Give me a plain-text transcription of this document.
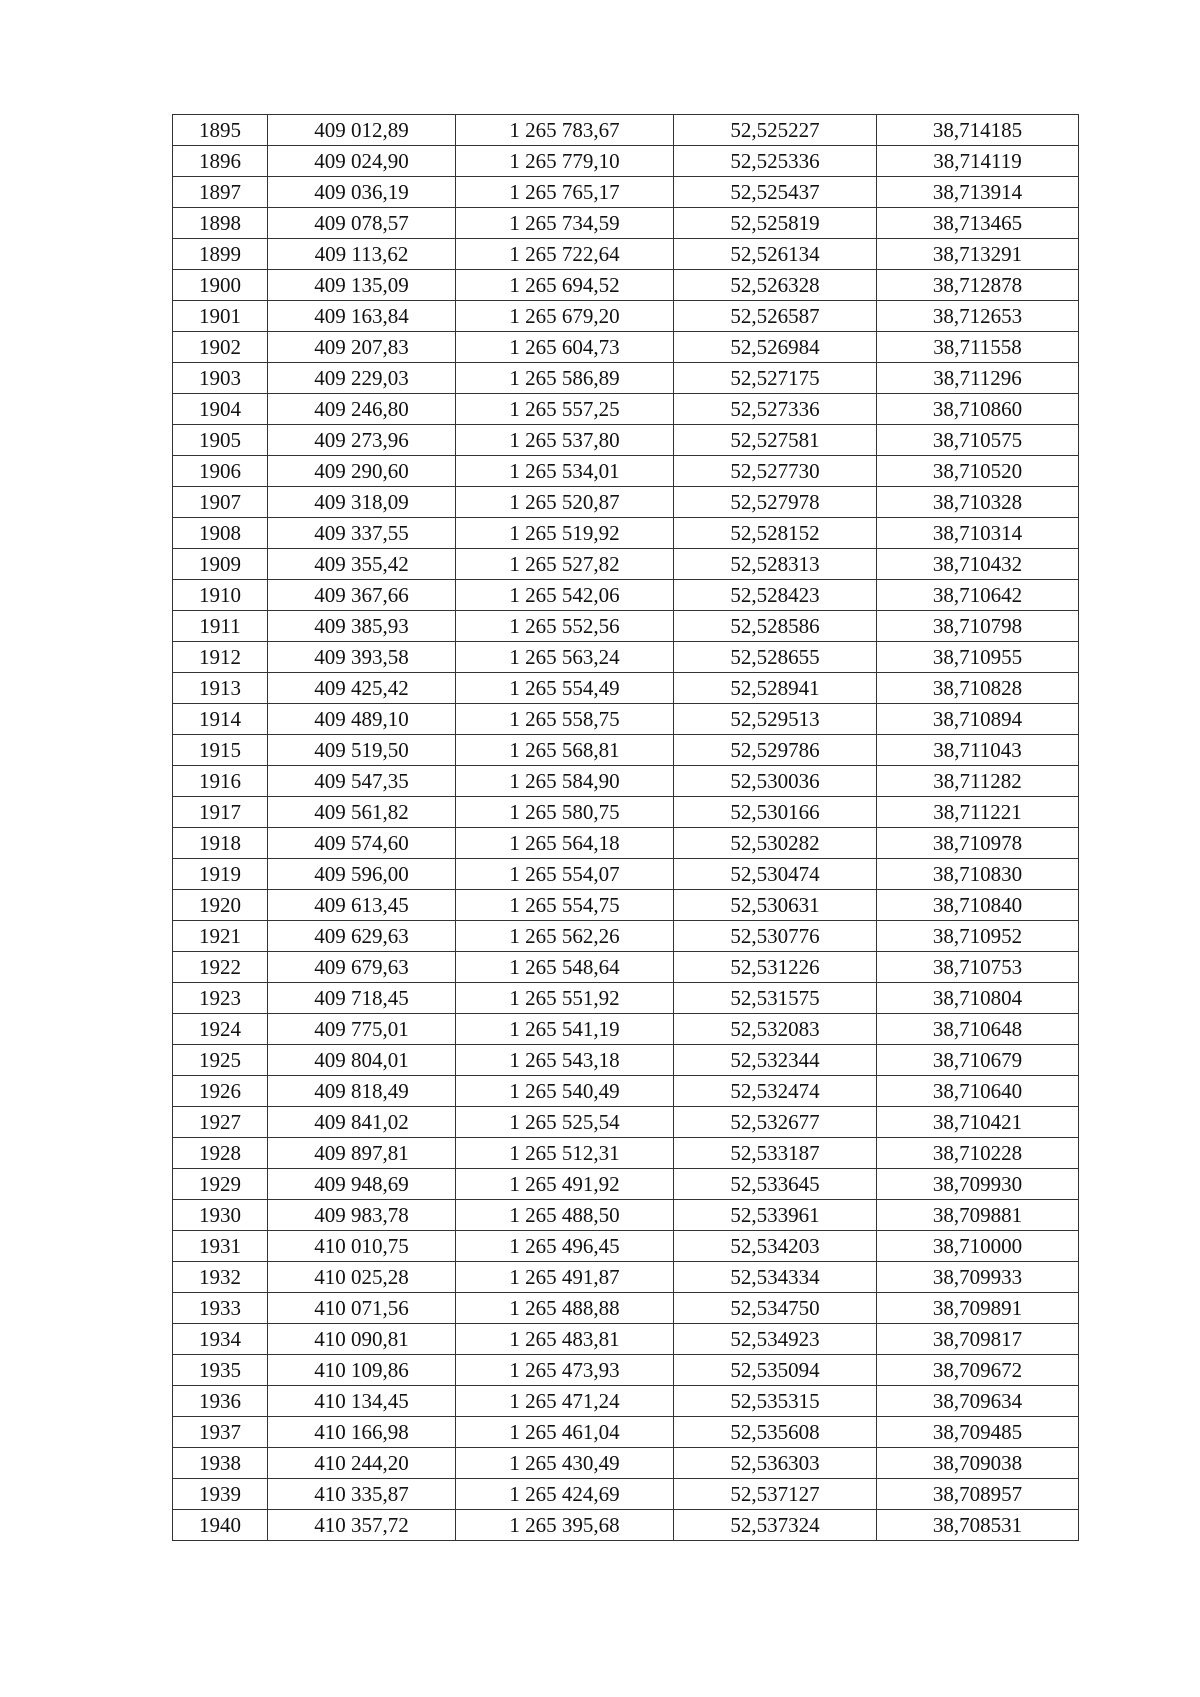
1895	409 012,89	1 265 783,67	52,525227	38,714185
1896	409 024,90	1 265 779,10	52,525336	38,714119
1897	409 036,19	1 265 765,17	52,525437	38,713914
1898	409 078,57	1 265 734,59	52,525819	38,713465
1899	409 113,62	1 265 722,64	52,526134	38,713291
1900	409 135,09	1 265 694,52	52,526328	38,712878
1901	409 163,84	1 265 679,20	52,526587	38,712653
1902	409 207,83	1 265 604,73	52,526984	38,711558
1903	409 229,03	1 265 586,89	52,527175	38,711296
1904	409 246,80	1 265 557,25	52,527336	38,710860
1905	409 273,96	1 265 537,80	52,527581	38,710575
1906	409 290,60	1 265 534,01	52,527730	38,710520
1907	409 318,09	1 265 520,87	52,527978	38,710328
1908	409 337,55	1 265 519,92	52,528152	38,710314
1909	409 355,42	1 265 527,82	52,528313	38,710432
1910	409 367,66	1 265 542,06	52,528423	38,710642
1911	409 385,93	1 265 552,56	52,528586	38,710798
1912	409 393,58	1 265 563,24	52,528655	38,710955
1913	409 425,42	1 265 554,49	52,528941	38,710828
1914	409 489,10	1 265 558,75	52,529513	38,710894
1915	409 519,50	1 265 568,81	52,529786	38,711043
1916	409 547,35	1 265 584,90	52,530036	38,711282
1917	409 561,82	1 265 580,75	52,530166	38,711221
1918	409 574,60	1 265 564,18	52,530282	38,710978
1919	409 596,00	1 265 554,07	52,530474	38,710830
1920	409 613,45	1 265 554,75	52,530631	38,710840
1921	409 629,63	1 265 562,26	52,530776	38,710952
1922	409 679,63	1 265 548,64	52,531226	38,710753
1923	409 718,45	1 265 551,92	52,531575	38,710804
1924	409 775,01	1 265 541,19	52,532083	38,710648
1925	409 804,01	1 265 543,18	52,532344	38,710679
1926	409 818,49	1 265 540,49	52,532474	38,710640
1927	409 841,02	1 265 525,54	52,532677	38,710421
1928	409 897,81	1 265 512,31	52,533187	38,710228
1929	409 948,69	1 265 491,92	52,533645	38,709930
1930	409 983,78	1 265 488,50	52,533961	38,709881
1931	410 010,75	1 265 496,45	52,534203	38,710000
1932	410 025,28	1 265 491,87	52,534334	38,709933
1933	410 071,56	1 265 488,88	52,534750	38,709891
1934	410 090,81	1 265 483,81	52,534923	38,709817
1935	410 109,86	1 265 473,93	52,535094	38,709672
1936	410 134,45	1 265 471,24	52,535315	38,709634
1937	410 166,98	1 265 461,04	52,535608	38,709485
1938	410 244,20	1 265 430,49	52,536303	38,709038
1939	410 335,87	1 265 424,69	52,537127	38,708957
1940	410 357,72	1 265 395,68	52,537324	38,708531
